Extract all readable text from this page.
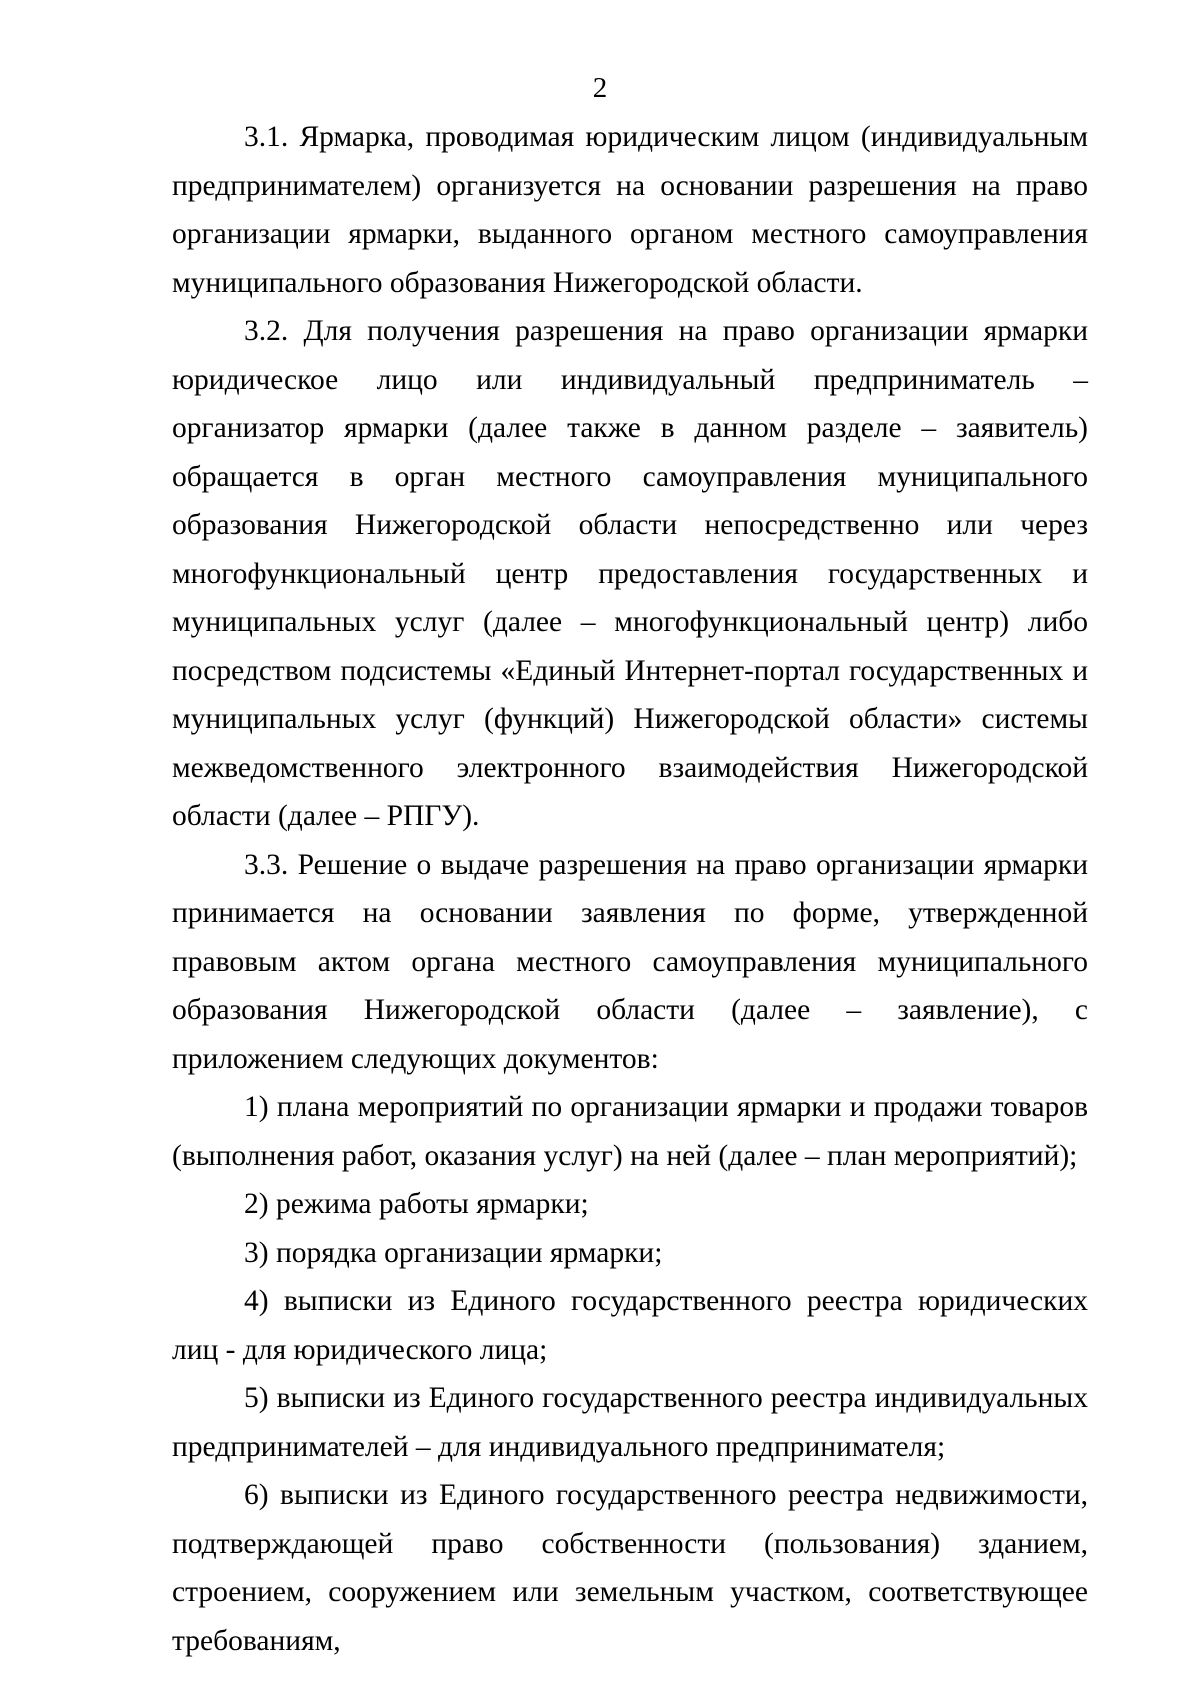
2

3.1. Ярмарка, проводимая юридическим лицом (индивидуальным предпринимателем) организуется на основании разрешения на право организации ярмарки, выданного органом местного самоуправления муниципального образования Нижегородской области.

3.2. Для получения разрешения на право организации ярмарки юридическое лицо или индивидуальный предприниматель – организатор ярмарки (далее также в данном разделе – заявитель) обращается в орган местного самоуправления муниципального образования Нижегородской области непосредственно или через многофункциональный центр предоставления государственных и муниципальных услуг (далее – многофункциональный центр) либо посредством подсистемы «Единый Интернет-портал государственных и муниципальных услуг (функций) Нижегородской области» системы межведомственного электронного взаимодействия Нижегородской области (далее – РПГУ).

3.3. Решение о выдаче разрешения на право организации ярмарки принимается на основании заявления по форме, утвержденной правовым актом органа местного самоуправления муниципального образования Нижегородской области (далее – заявление), с приложением следующих документов:

1) плана мероприятий по организации ярмарки и продажи товаров (выполнения работ, оказания услуг) на ней (далее – план мероприятий);

2) режима работы ярмарки;

3) порядка организации ярмарки;

4) выписки из Единого государственного реестра юридических лиц - для юридического лица;

5) выписки из Единого государственного реестра индивидуальных предпринимателей – для индивидуального предпринимателя;

6) выписки из Единого государственного реестра недвижимости, подтверждающей право собственности (пользования) зданием, строением, сооружением или земельным участком, соответствующее требованиям,
